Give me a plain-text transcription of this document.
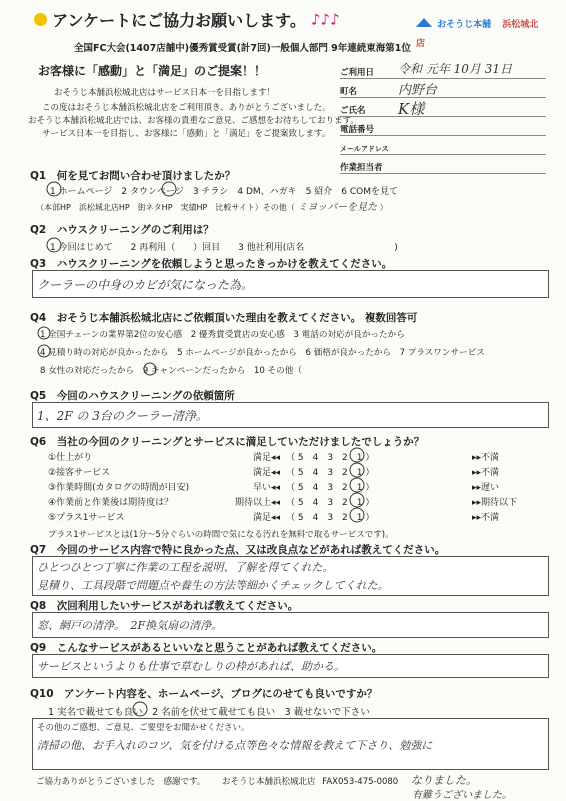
アンケートにご協力お願いします。 ♪♪♪	おそうじ本舗 浜松城北店
全国FC大会(1407店舗中)優秀賞受賞(計7回)一般個人部門 9年連続東海第1位
お客様に「感動」と「満足」のご提案！！
おそうじ本舗浜松城北店はサービス日本一を目指します！
この度はおそうじ本舗浜松城北店をご利用頂き、ありがとうございました。
おそうじ本舗浜松城北店では、お客様の貴重なご意見、ご感想をお待ちしております。
サービス日本一を目指し、お客様に「感動」と「満足」をご提案致します。
ご利用日 令和 元年 10月 31日
町名	内野台
ご氏名 K様
電話番号
メールアドレス
作業担当者
Q1　何を見てお問い合わせ頂けましたか？
1 ホームページ　2 タウンページ　3 チラシ　4 DM、ハガキ　5 紹介　6 COMを見て
（本部HP　浜松城北店HP　街ネタHP　実績HP　比較サイト）その他（ ミヨッパーを見た ）
Q2　ハウスクリーニングのご利用は？
1 今回はじめて　　2 再利用（　　）回目　　3 他社利用(店名　　　　　　　　　　)
Q3　ハウスクリーニングを依頼しようと思ったきっかけを教えてください。
クーラーの中身のカビが気になった為。
Q4　おそうじ本舗浜松城北店にご依頼頂いた理由を教えてください。 複数回答可
1 全国チェーンの業界第2位の安心感　2 優秀賞受賞店の安心感　3 電話の対応が良かったから
4 見積り時の対応が良かったから　5 ホームページが良かったから　6 価格が良かったから　7 プラスワンサービス
8 女性の対応だったから　9 キャンペーンだったから　10 その他（
Q5　今回のハウスクリーニングの依頼箇所
1、2F の 3台のクーラー清浄。
Q6　当社の今回のクリーニングとサービスに満足していただけましたでしょうか？
①仕上がり	満足◂◂ （ 5　4　3　2　1 ）	▸▸不満
②接客サービス	満足◂◂ （ 5　4　3　2　1 ）	▸▸不満
③作業時間(カタログの時間が目安)	早い◂◂ （ 5　4　3　2　1 ）	▸▸遅い
④作業前と作業後は期待度は？	期待以上◂◂ （ 5　4　3　2　1 ）	▸▸期待以下
⑤プラス1サービス	満足◂◂ （ 5　4　3　2　1 ）	▸▸不満
プラス1サービスとは(1分～5分ぐらいの時間で気になる汚れを無料で取るサービスです)。
Q7　今回のサービス内容で特に良かった点、又は改良点などがあれば教えてください。
ひとつひとつ丁寧に作業の工程を説明、了解を得てくれた。
見積り、工具段階で問題点や養生の方法等細かくチェックしてくれた。
Q8　次回利用したいサービスがあれば教えてください。
窓、網戸の清浄。　2F換気扇の清浄。
Q9　こんなサービスがあるといいなと思うことがあれば教えてください。
サービスというよりも仕事で草むしりの枠があれば、助かる。
Q10　アンケート内容を、ホームページ、ブログにのせても良いですか？
1 実名で載せても良い　2 名前を伏せて載せても良い　3 載せないで下さい
その他のご感想、ご意見、ご要望をお聞かせください。
清掃の他、お手入れのコツ、気を付ける点等色々な情報を教えて下さり、勉強に
ご協力ありがとうございました　感謝です。 おそうじ本舗浜松城北店 FAX053-475-0080 なりました。
有難うございました。
